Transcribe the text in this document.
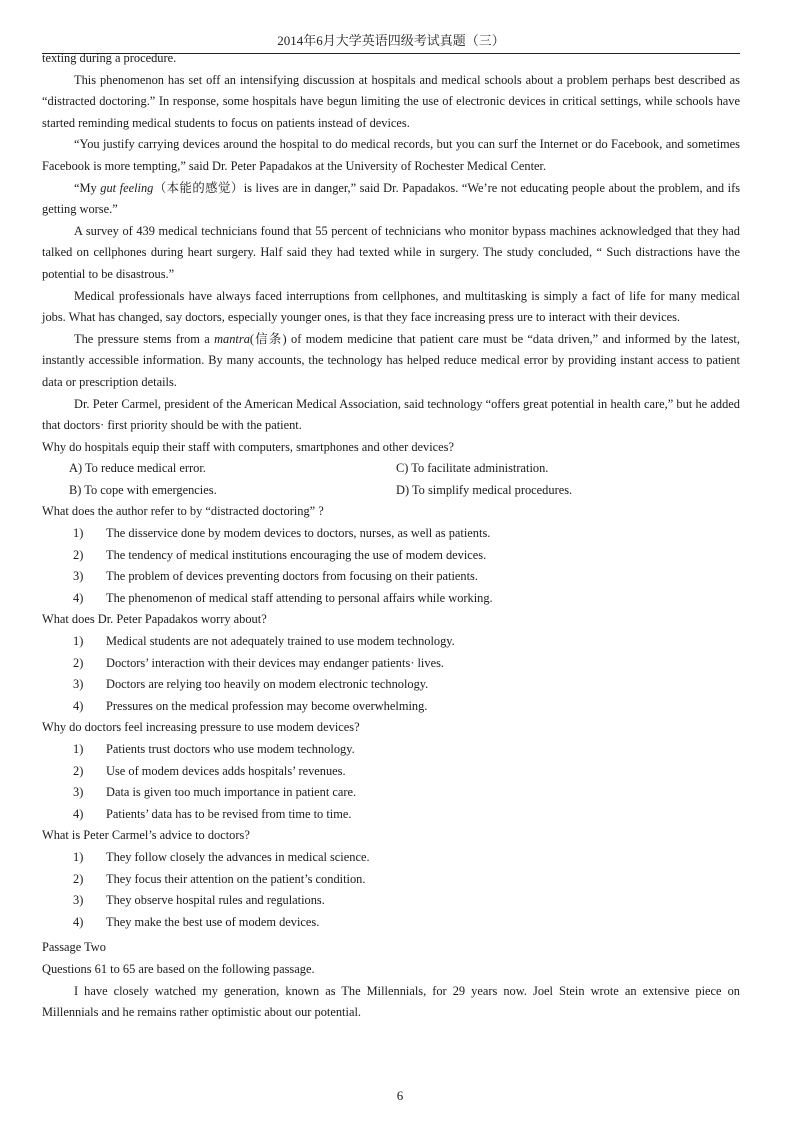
2014年6月大学英语四级考试真题（三）

texting during a procedure.

This phenomenon has set off an intensifying discussion at hospitals and medical schools about a problem perhaps best described as “distracted doctoring.” In response, some hospitals have begun limiting the use of electronic devices in critical settings, while schools have started reminding medical students to focus on patients instead of devices.

“You justify carrying devices around the hospital to do medical records, but you can surf the Internet or do Facebook, and sometimes Facebook is more tempting,” said Dr. Peter Papadakos at the University of Rochester Medical Center.

“My gut feeling（本能的感觉）is lives are in danger,” said Dr. Papadakos. “We’re not educating people about the problem, and ifs getting worse.”

A survey of 439 medical technicians found that 55 percent of technicians who monitor bypass machines acknowledged that they had talked on cellphones during heart surgery. Half said they had texted while in surgery. The study concluded, “ Such distractions have the potential to be disastrous.”

Medical professionals have always faced interruptions from cellphones, and multitasking is simply a fact of life for many medical jobs. What has changed, say doctors, especially younger ones, is that they face increasing press ure to interact with their devices.

The pressure stems from a mantra(信条) of modem medicine that patient care must be “data driven,” and informed by the latest, instantly accessible information. By many accounts, the technology has helped reduce medical error by providing instant access to patient data or prescription details.

Dr. Peter Carmel, president of the American Medical Association, said technology “offers great potential in health care,” but he added that doctors· first priority should be with the patient.

Why do hospitals equip their staff with computers, smartphones and other devices?
A) To reduce medical error.	C) To facilitate administration.
B) To cope with emergencies.	D) To simplify medical procedures.
What does the author refer to by “distracted doctoring” ?
1)	The disservice done by modem devices to doctors, nurses, as well as patients.
2)	The tendency of medical institutions encouraging the use of modem devices.
3)	The problem of devices preventing doctors from focusing on their patients.
4)	The phenomenon of medical staff attending to personal affairs while working.
What does Dr. Peter Papadakos worry about?
1)	Medical students are not adequately trained to use modem technology.
2)	Doctors’ interaction with their devices may endanger patients· lives.
3)	Doctors are relying too heavily on modem electronic technology.
4)	Pressures on the medical profession may become overwhelming.
Why do doctors feel increasing pressure to use modem devices?
1)	Patients trust doctors who use modem technology.
2)	Use of modem devices adds hospitals’ revenues.
3)	Data is given too much importance in patient care.
4)	Patients’ data has to be revised from time to time.
What is Peter Carmel’s advice to doctors?
1)	They follow closely the advances in medical science.
2)	They focus their attention on the patient’s condition.
3)	They observe hospital rules and regulations.
4)	They make the best use of modem devices.

Passage Two

Questions 61 to 65 are based on the following passage.

I have closely watched my generation, known as The Millennials, for 29 years now. Joel Stein wrote an extensive piece on Millennials and he remains rather optimistic about our potential.

6
